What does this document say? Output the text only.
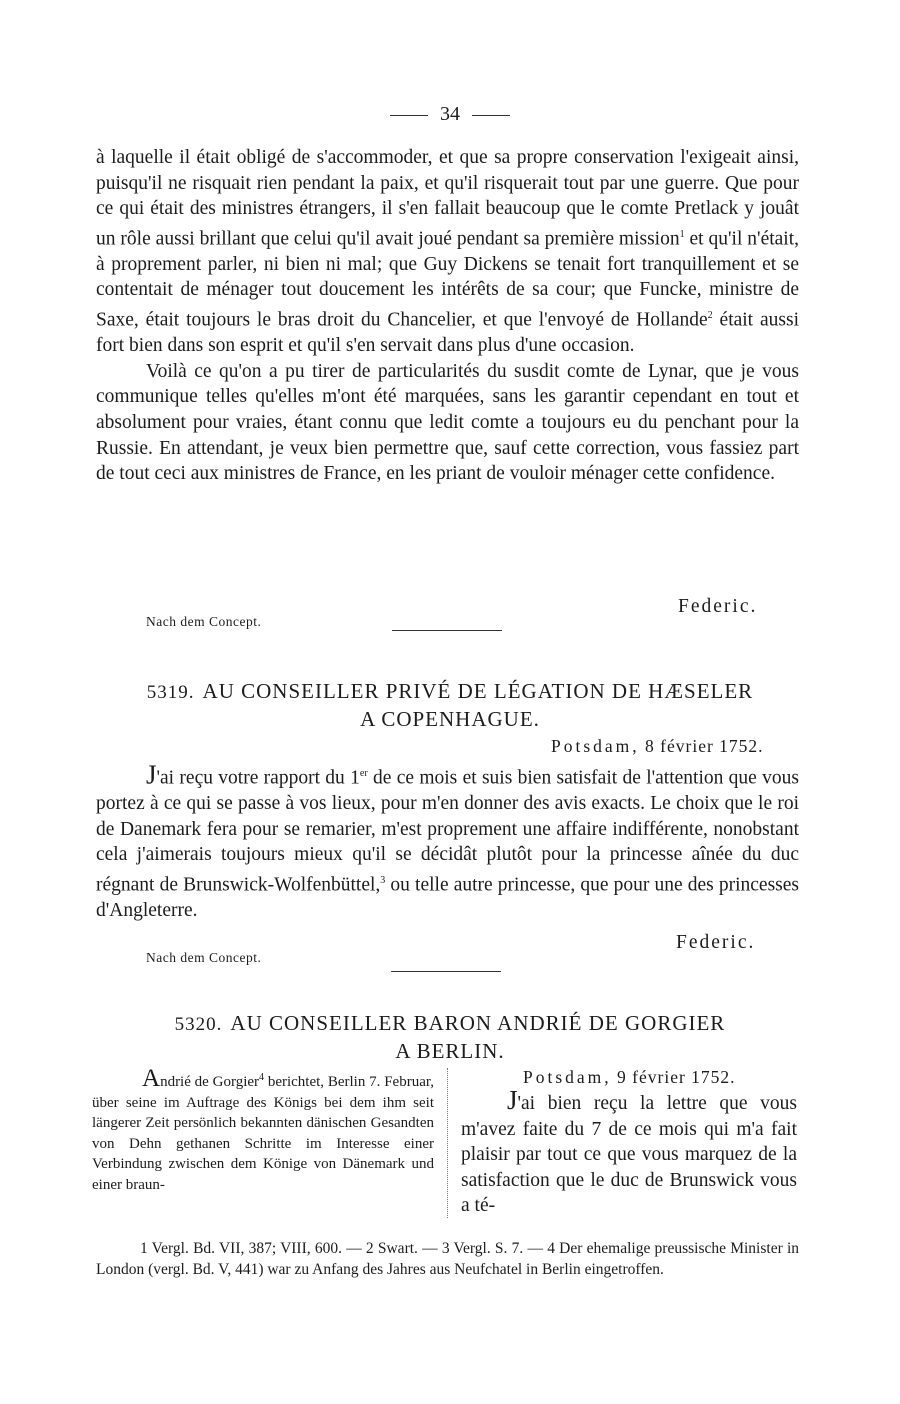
34

à laquelle il était obligé de s'accommoder, et que sa propre conservation l'exigeait ainsi, puisqu'il ne risquait rien pendant la paix, et qu'il risquerait tout par une guerre. Que pour ce qui était des ministres étrangers, il s'en fallait beaucoup que le comte Pretlack y jouât un rôle aussi brillant que celui qu'il avait joué pendant sa première mission$^1$ et qu'il n'était, à proprement parler, ni bien ni mal; que Guy Dickens se tenait fort tranquillement et se contentait de ménager tout doucement les intérêts de sa cour; que Funcke, ministre de Saxe, était toujours le bras droit du Chancelier, et que l'envoyé de Hollande$^2$ était aussi fort bien dans son esprit et qu'il s'en servait dans plus d'une occasion.

Voilà ce qu'on a pu tirer de particularités du susdit comte de Lynar, que je vous communique telles qu'elles m'ont été marquées, sans les garantir cependant en tout et absolument pour vraies, étant connu que ledit comte a toujours eu du penchant pour la Russie. En attendant, je veux bien permettre que, sauf cette correction, vous fassiez part de tout ceci aux ministres de France, en les priant de vouloir ménager cette confidence.

Federic.
Nach dem Concept.
5319. AU CONSEILLER PRIVÉ DE LÉGATION DE HÆSELER
A COPENHAGUE.
Potsdam, 8 février 1752.

J'ai reçu votre rapport du 1er de ce mois et suis bien satisfait de l'attention que vous portez à ce qui se passe à vos lieux, pour m'en donner des avis exacts. Le choix que le roi de Danemark fera pour se remarier, m'est proprement une affaire indifférente, nonobstant cela j'aimerais toujours mieux qu'il se décidât plutôt pour la princesse aînée du duc régnant de Brunswick-Wolfenbüttel,$^3$ ou telle autre princesse, que pour une des princesses d'Angleterre.

Federic.
Nach dem Concept.
5320. AU CONSEILLER BARON ANDRIÉ DE GORGIER
A BERLIN.

Andrié de Gorgier$^4$ berichtet, Berlin 7. Februar, über seine im Auftrage des Königs bei dem ihm seit längerer Zeit persönlich bekannten dänischen Gesandten von Dehn gethanen Schritte im Interesse einer Verbindung zwischen dem Könige von Dänemark und einer braun-

Potsdam, 9 février 1752.

J'ai bien reçu la lettre que vous m'avez faite du 7 de ce mois qui m'a fait plaisir par tout ce que vous marquez de la satisfaction que le duc de Brunswick vous a té-

1 Vergl. Bd. VII, 387; VIII, 600. — 2 Swart. — 3 Vergl. S. 7. — 4 Der ehemalige preussische Minister in London (vergl. Bd. V, 441) war zu Anfang des Jahres aus Neufchatel in Berlin eingetroffen.
